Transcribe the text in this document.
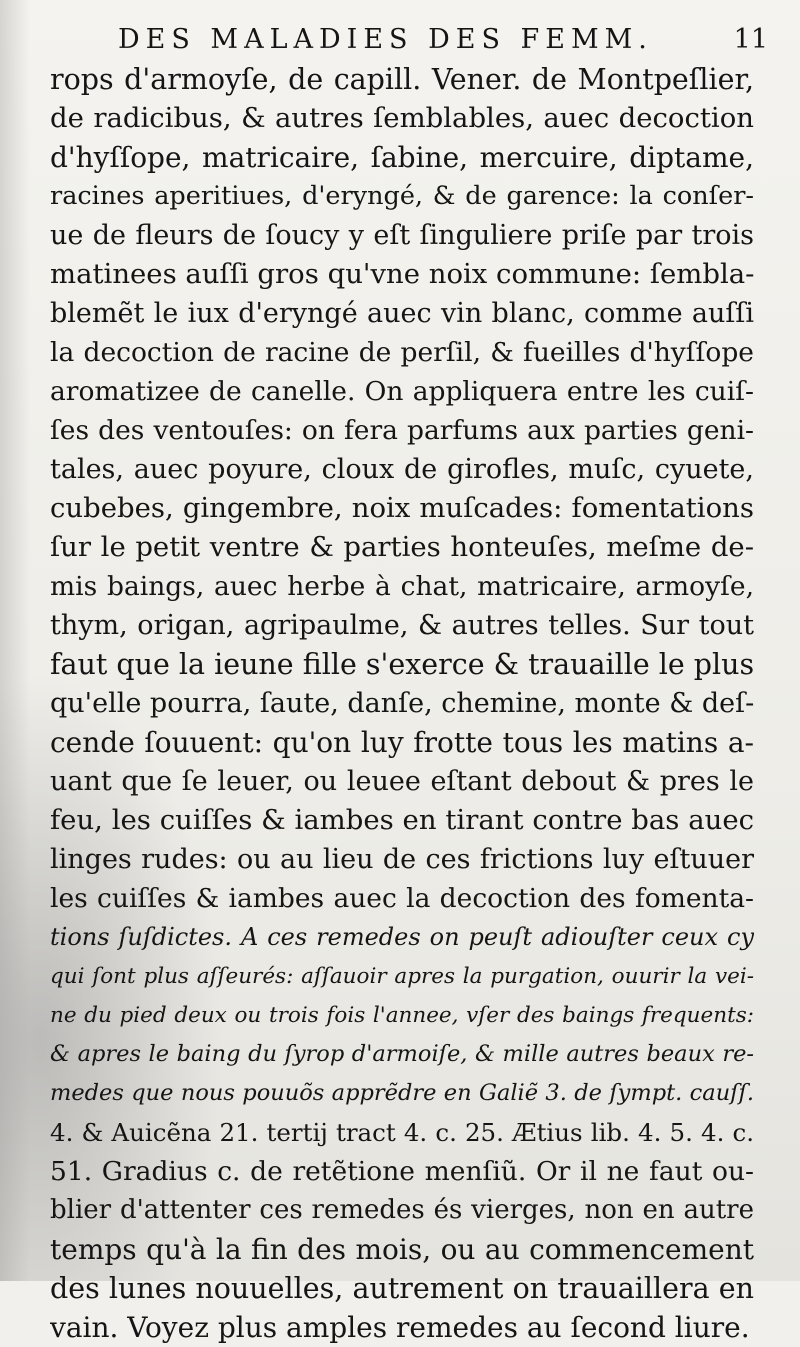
DES MALADIES DES FEMM.	11
rops d'armoyſe, de capill. Vener. de Montpeſlier,
de radicibus, & autres ſemblables, auec decoction
d'hyſſope, matricaire, ſabine, mercuire, diptame,
racines aperitiues, d'eryngé, & de garence: la conſer-
ue de fleurs de ſoucy y eſt ſinguliere priſe par trois
matinees auſſi gros qu'vne noix commune: ſembla-
blemẽt le iux d'eryngé auec vin blanc, comme auſſi
la decoction de racine de perſil, & fueilles d'hyſſope
aromatizee de canelle. On appliquera entre les cuiſ-
ſes des ventouſes: on fera parfums aux parties geni-
tales, auec poyure, cloux de girofles, muſc, cyuete,
cubebes, gingembre, noix muſcades: fomentations
ſur le petit ventre & parties honteuſes, meſme de-
mis baings, auec herbe à chat, matricaire, armoyſe,
thym, origan, agripaulme, & autres telles. Sur tout
faut que la ieune fille s'exerce & trauaille le plus
qu'elle pourra, ſaute, danſe, chemine, monte & deſ-
cende ſouuent: qu'on luy frotte tous les matins a-
uant que ſe leuer, ou leuee eſtant debout & pres le
feu, les cuiſſes & iambes en tirant contre bas auec
linges rudes: ou au lieu de ces frictions luy eſtuuer
les cuiſſes & iambes auec la decoction des fomenta-
tions ſuſdictes. A ces remedes on peuſt adiouſter ceux cy
qui ſont plus aſſeurés: aſſauoir apres la purgation, ouurir la vei-
ne du pied deux ou trois fois l'annee, vſer des baings frequents:
& apres le baing du ſyrop d'armoiſe, & mille autres beaux re-
medes que nous pouuõs apprẽdre en Galiẽ 3. de ſympt. cauſſ.
4. & Auicẽna 21. tertij tract 4. c. 25. Ætius lib. 4. 5. 4. c.
51. Gradius c. de retẽtione menſiũ. Or il ne faut ou-
blier d'attenter ces remedes és vierges, non en autre
temps qu'à la fin des mois, ou au commencement
des lunes nouuelles, autrement on trauaillera en
vain. Voyez plus amples remedes au ſecond liure.
